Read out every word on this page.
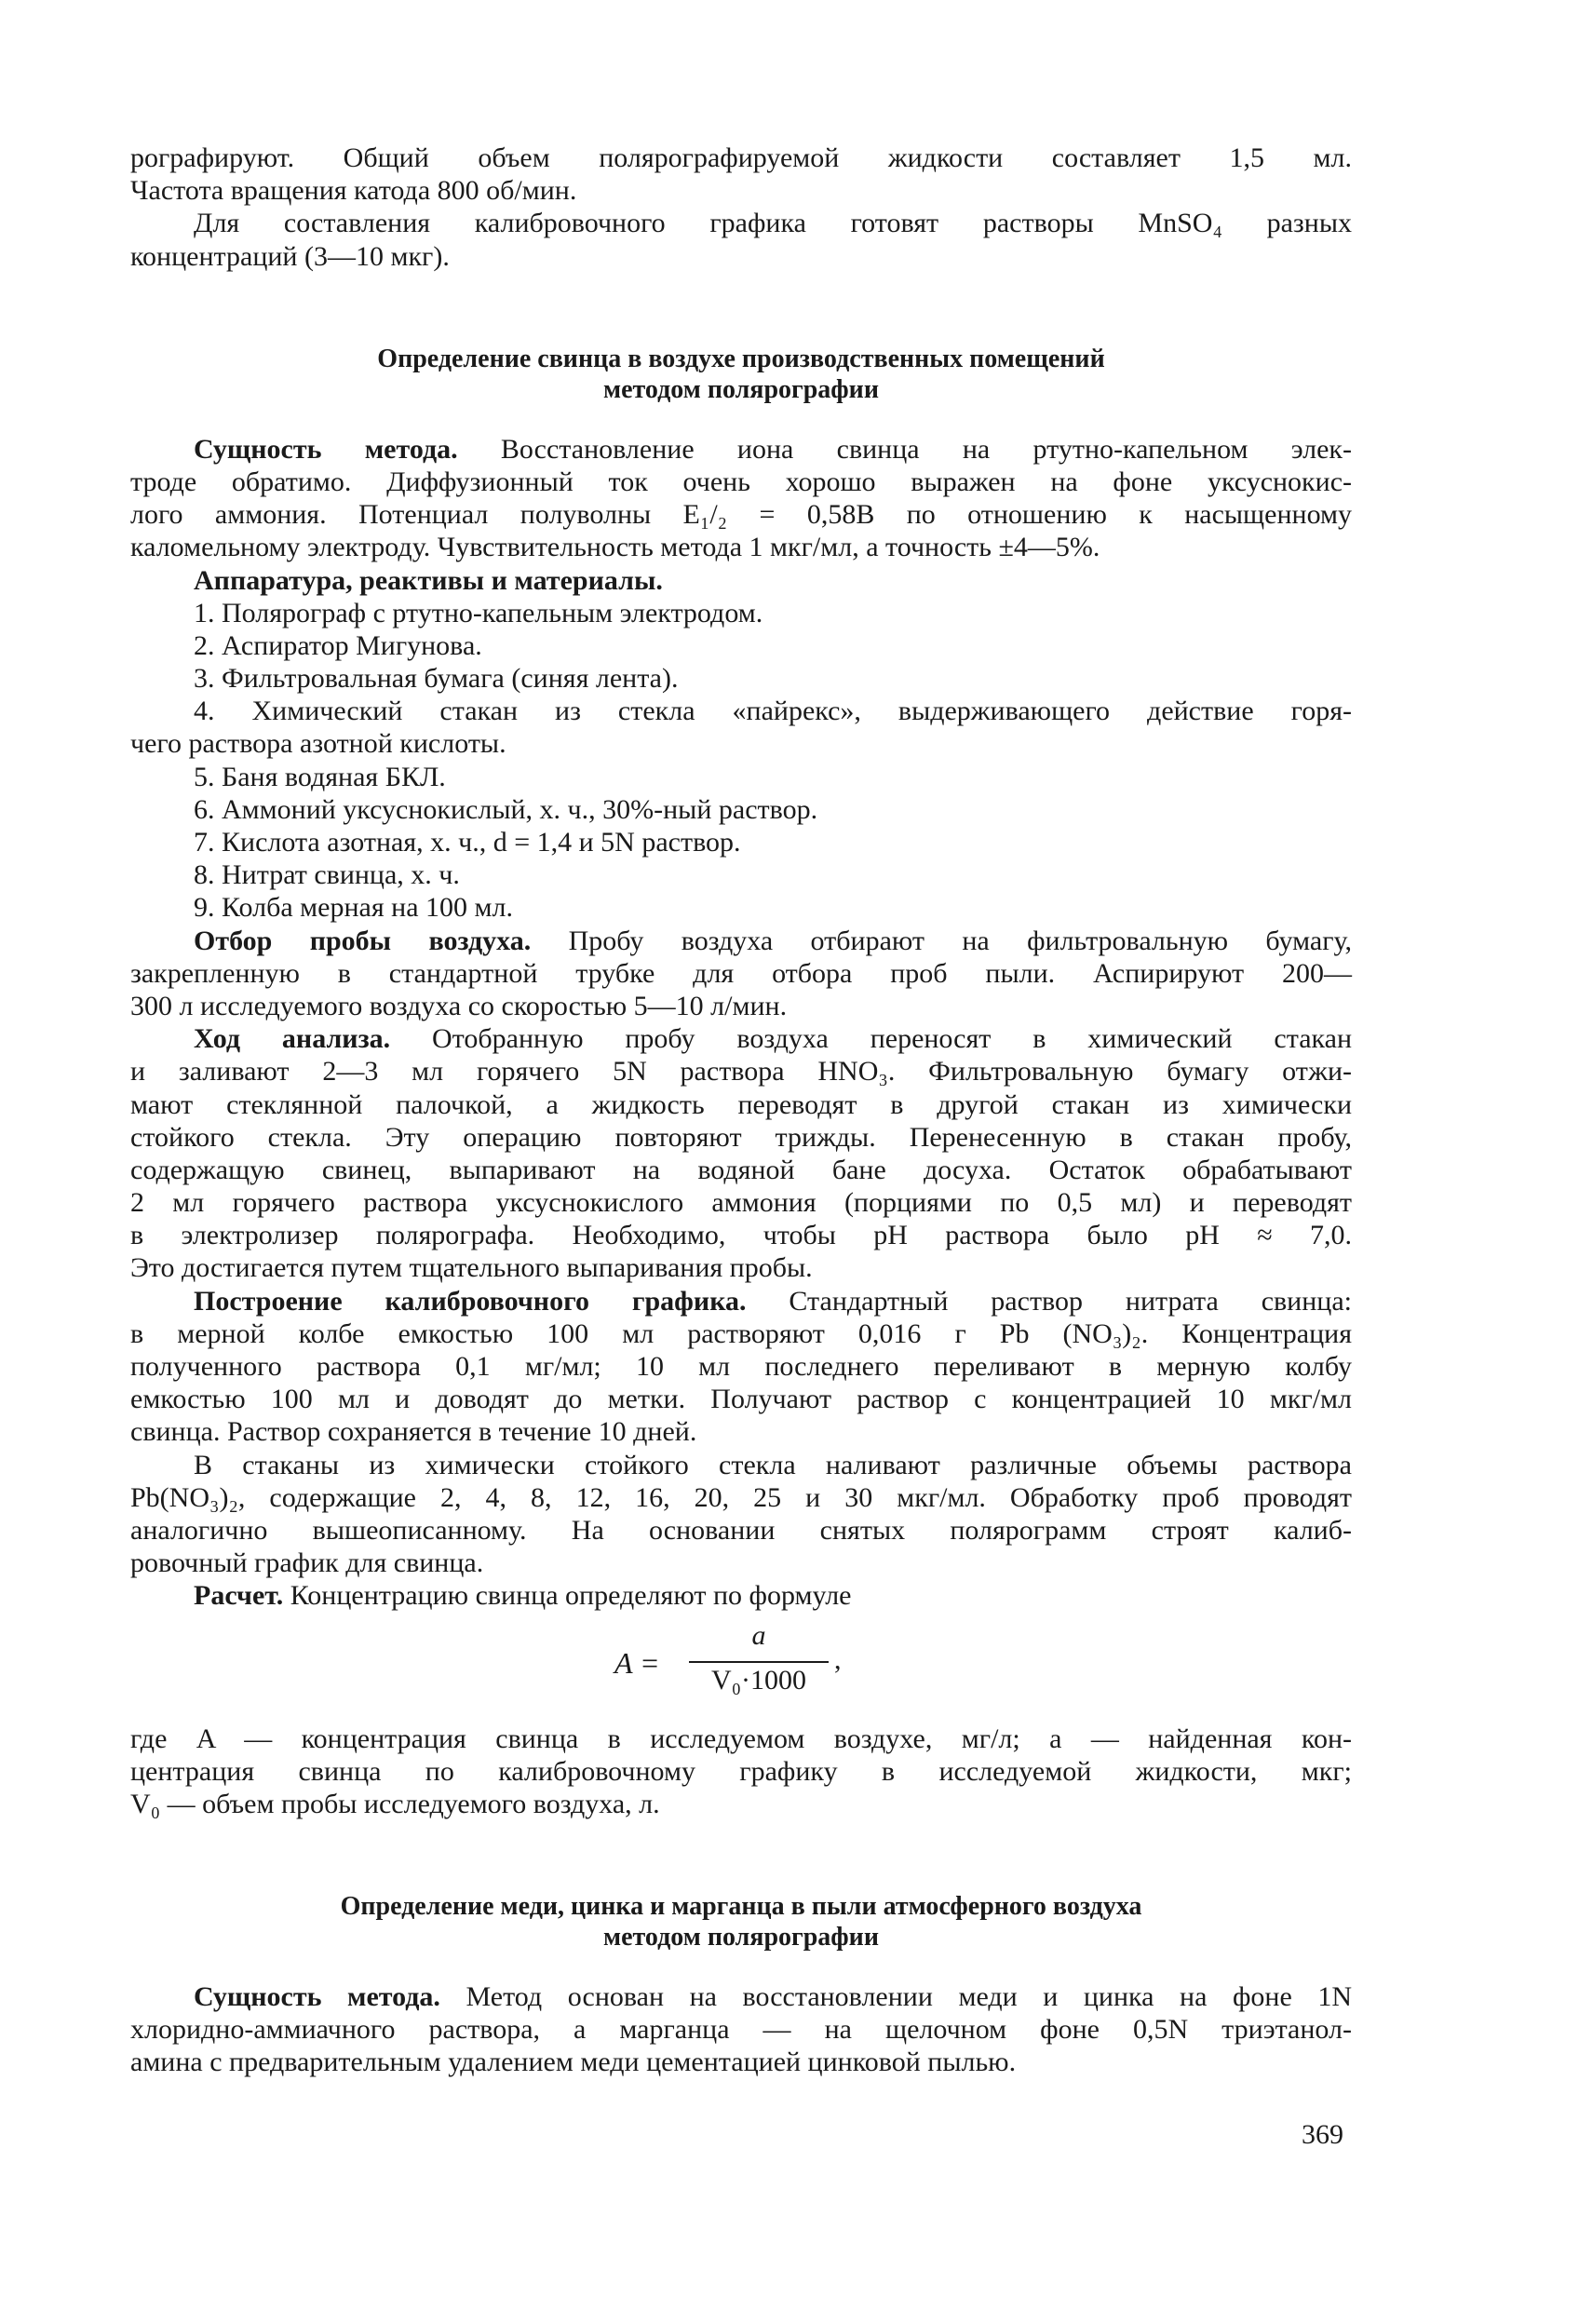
рографируют. Общий объем полярографируемой жидкости составляет 1,5 мл.
Частота вращения катода 800 об/мин.
Для составления калибровочного графика готовят растворы MnSO₄ разных
концентраций (3—10 мкг).
Определение свинца в воздухе производственных помещений
методом полярографии
Сущность метода. Восстановление иона свинца на ртутно-капельном элек-
троде обратимо. Диффузионный ток очень хорошо выражен на фоне уксуснокис-
лого аммония. Потенциал полуволны E₁/₂ = 0,58В по отношению к насыщенному
каломельному электроду. Чувствительность метода 1 мкг/мл, а точность ±4—5%.
Аппаратура, реактивы и материалы.
1. Полярограф с ртутно-капельным электродом.
2. Аспиратор Мигунова.
3. Фильтровальная бумага (синяя лента).
4. Химический стакан из стекла «пайрекс», выдерживающего действие горя-
чего раствора азотной кислоты.
5. Баня водяная БКЛ.
6. Аммоний уксуснокислый, х. ч., 30%-ный раствор.
7. Кислота азотная, х. ч., d = 1,4 и 5N раствор.
8. Нитрат свинца, х. ч.
9. Колба мерная на 100 мл.
Отбор пробы воздуха. Пробу воздуха отбирают на фильтровальную бумагу,
закрепленную в стандартной трубке для отбора проб пыли. Аспирируют 200—
300 л исследуемого воздуха со скоростью 5—10 л/мин.
Ход анализа. Отобранную пробу воздуха переносят в химический стакан
и заливают 2—3 мл горячего 5N раствора HNO₃. Фильтровальную бумагу отжи-
мают стеклянной палочкой, а жидкость переводят в другой стакан из химически
стойкого стекла. Эту операцию повторяют трижды. Перенесенную в стакан пробу,
содержащую свинец, выпаривают на водяной бане досуха. Остаток обрабатывают
2 мл горячего раствора уксуснокислого аммония (порциями по 0,5 мл) и переводят
в электролизер полярографа. Необходимо, чтобы pH раствора было pH ≈ 7,0.
Это достигается путем тщательного выпаривания пробы.
Построение калибровочного графика. Стандартный раствор нитрата свинца:
в мерной колбе емкостью 100 мл растворяют 0,016 г Pb (NO₃)₂. Концентрация
полученного раствора 0,1 мг/мл; 10 мл последнего переливают в мерную колбу
емкостью 100 мл и доводят до метки. Получают раствор с концентрацией 10 мкг/мл
свинца. Раствор сохраняется в течение 10 дней.
В стаканы из химически стойкого стекла наливают различные объемы раствора
Pb(NO₃)₂, содержащие 2, 4, 8, 12, 16, 20, 25 и 30 мкг/мл. Обработку проб проводят
аналогично вышеописанному. На основании снятых полярограмм строят калиб-
ровочный график для свинца.
Расчет. Концентрацию свинца определяют по формуле
A =
a
V₀·1000
,
где A — концентрация свинца в исследуемом воздухе, мг/л; a — найденная кон-
центрация свинца по калибровочному графику в исследуемой жидкости, мкг;
V₀ — объем пробы исследуемого воздуха, л.
Определение меди, цинка и марганца в пыли атмосферного воздуха
методом полярографии
Сущность метода. Метод основан на восстановлении меди и цинка на фоне 1N
хлоридно-аммиачного раствора, а марганца — на щелочном фоне 0,5N триэтанол-
амина с предварительным удалением меди цементацией цинковой пылью.
369
